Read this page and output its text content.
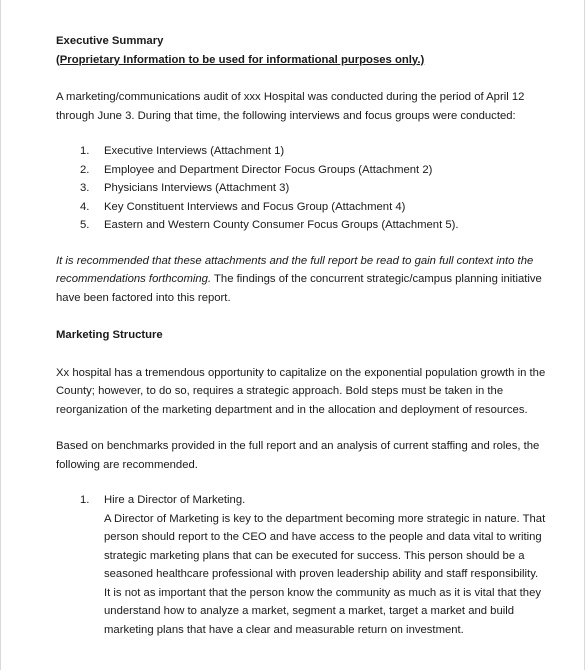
Executive Summary

(Proprietary Information to be used for informational purposes only.)

A marketing/communications audit of xxx Hospital was conducted during the period of April 12 through June 3. During that time, the following interviews and focus groups were conducted:

1. Executive Interviews (Attachment 1)
2. Employee and Department Director Focus Groups (Attachment 2)
3. Physicians Interviews (Attachment 3)
4. Key Constituent Interviews and Focus Group (Attachment 4)
5. Eastern and Western County Consumer Focus Groups (Attachment 5).

It is recommended that these attachments and the full report be read to gain full context into the recommendations forthcoming. The findings of the concurrent strategic/campus planning initiative have been factored into this report.

Marketing Structure

Xx hospital has a tremendous opportunity to capitalize on the exponential population growth in the County; however, to do so, requires a strategic approach. Bold steps must be taken in the reorganization of the marketing department and in the allocation and deployment of resources.

Based on benchmarks provided in the full report and an analysis of current staffing and roles, the following are recommended.

1. Hire a Director of Marketing.
A Director of Marketing is key to the department becoming more strategic in nature. That person should report to the CEO and have access to the people and data vital to writing strategic marketing plans that can be executed for success. This person should be a seasoned healthcare professional with proven leadership ability and staff responsibility. It is not as important that the person know the community as much as it is vital that they understand how to analyze a market, segment a market, target a market and build marketing plans that have a clear and measurable return on investment.
